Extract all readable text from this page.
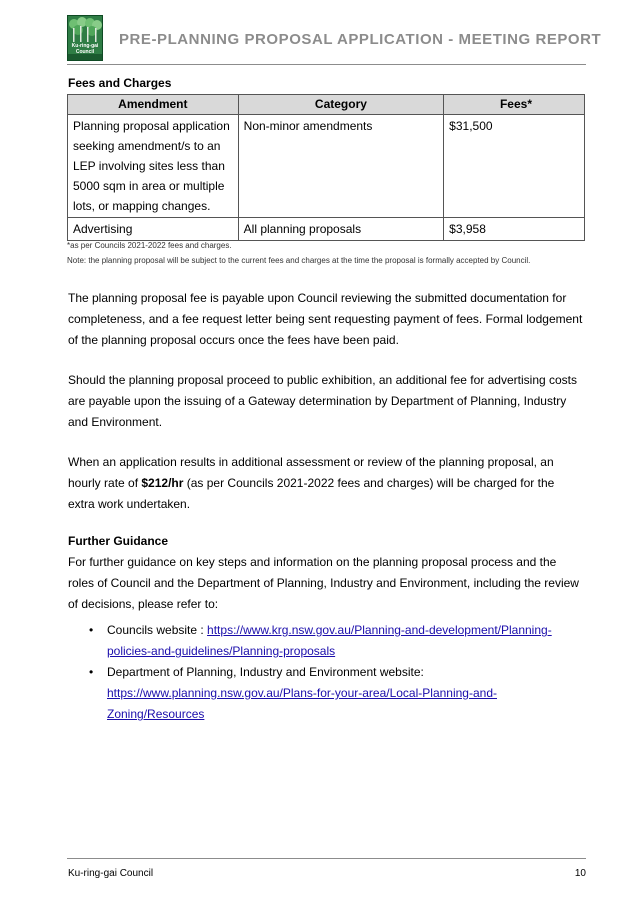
Ku-ring-gai
Council
PRE-PLANNING PROPOSAL APPLICATION - MEETING REPORT
Fees and Charges
Amendment	Category	Fees*

Planning proposal application
seeking amendment/s to an
LEP involving sites less than
5000 sqm in area or multiple
lots, or mapping changes.	Non-minor amendments	$31,500

Advertising	All planning proposals	$3,958
*as per Councils 2021-2022 fees and charges.
Note: the planning proposal will be subject to the current fees and charges at the time the proposal is formally accepted by Council.

The planning proposal fee is payable upon Council reviewing the submitted documentation for completeness, and a fee request letter being sent requesting payment of fees. Formal lodgement of the planning proposal occurs once the fees have been paid.

Should the planning proposal proceed to public exhibition, an additional fee for advertising costs are payable upon the issuing of a Gateway determination by Department of Planning, Industry and Environment.

When an application results in additional assessment or review of the planning proposal, an hourly rate of $212/hr (as per Councils 2021-2022 fees and charges) will be charged for the extra work undertaken.

Further Guidance

For further guidance on key steps and information on the planning proposal process and the roles of Council and the Department of Planning, Industry and Environment, including the review of decisions, please refer to:

• Councils website : https://www.krg.nsw.gov.au/Planning-and-development/Planning-
policies-and-guidelines/Planning-proposals
• Department of Planning, Industry and Environment website:
https://www.planning.nsw.gov.au/Plans-for-your-area/Local-Planning-and-
Zoning/Resources
Ku-ring-gai Council	10
